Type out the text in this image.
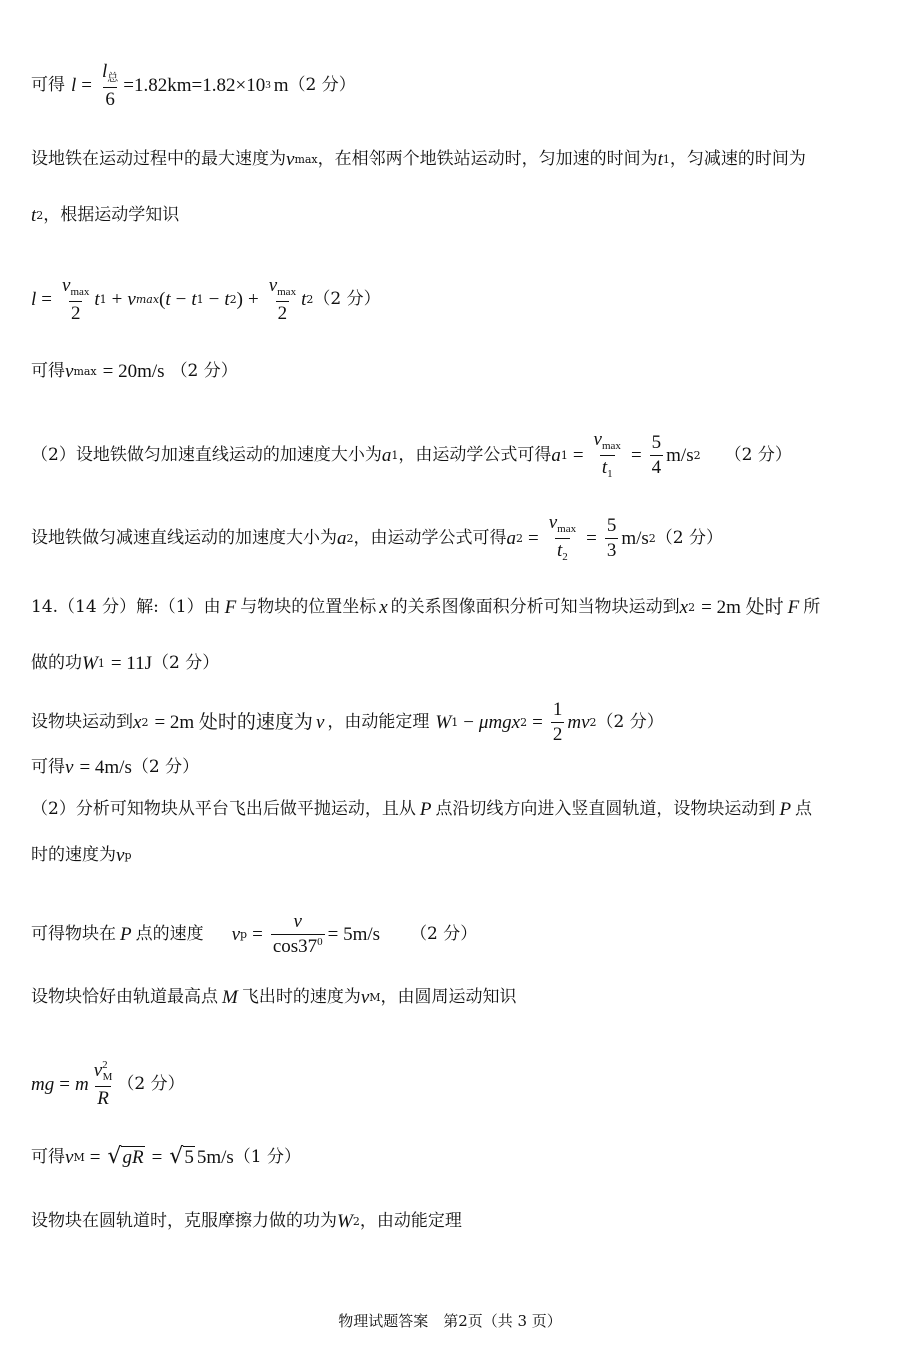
可得 $l = \frac{l_总}{6} =1.82km=1.82\times 10$ 3 m （2 分）
设地铁在运动过程中的最大速度为 v max ，在相邻两个地铁站运动时，匀加速的时间为 t 1 ，匀减速的时间为
t 2 ，根据运动学知识
$l = \frac{v_{max}}{2}$ t 1 + v max ( t − t 1 − t 2 ) + $\frac{v_{max}}{2}$ t 2 （2 分）
可得 v max = 20m/s （2 分）
（2）设地铁做匀加速直线运动的加速度大小为 a 1 ，由运动学公式可得 a $1 = \frac{v_{max}}{t_1} = \frac{5}{4} m/s$ 2 （2 分）
设地铁做匀减速直线运动的加速度大小为 a 2 ，由运动学公式可得 a $2 = \frac{v_{max}}{t_2} = \frac{5}{3} m/s$ 2 （2 分）
14.（14 分）解:（1）由 F 与物块的位置坐标 x 的关系图像面积分析可知当物块运动到 x 2 = 2m 处时 F 所
做的功 W 1 = 11J （2 分）
设物块运动到 x 2 = 2m 处时的速度为 v ，由动能定理 W 1 − μmgx $2 = \frac{1}{2}$ mv 2 （2 分）
可得 v = 4m/s （2 分）
（2）分析可知物块从平台飞出后做平抛运动，且从 P 点沿切线方向进入竖直圆轨道，设物块运动到 P 点
时的速度为 v p
可得物块在 P 点的速度 v $p = \frac{v}{\cos 37^0} = 5m/s$ （2 分）
设物块恰好由轨道最高点 M 飞出时的速度为 v M ，由圆周运动知识
mg = m $\frac{v^2_M}{R} (2$ 分）
可得 v M = √ gR = √ 5 5m/s （1 分）
设物块在圆轨道时，克服摩擦力做的功为 W 2 ，由动能定理
物理试题答案　第2页（共 3 页）
